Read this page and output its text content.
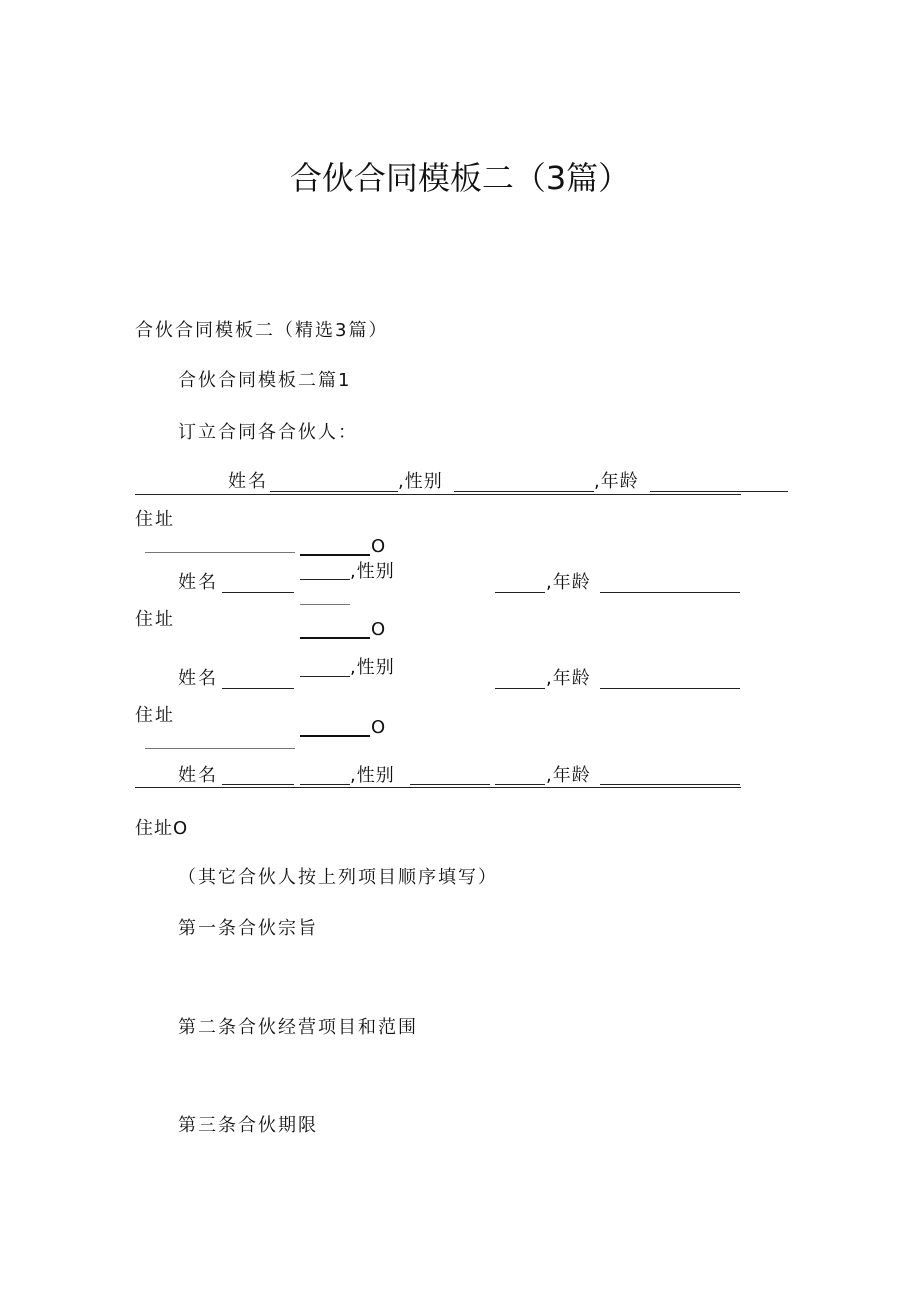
合伙合同模板二（3篇）
合伙合同模板二（精选3篇）
合伙合同模板二篇1
订立合同各合伙人：
姓名	,性别	,年龄
住址
O
姓名
,性别
,年龄
住址	O
姓名
,性别
,年龄
住址
O
姓名	,性别	,年龄
住址O
（其它合伙人按上列项目顺序填写）
第一条合伙宗旨
第二条合伙经营项目和范围
第三条合伙期限
